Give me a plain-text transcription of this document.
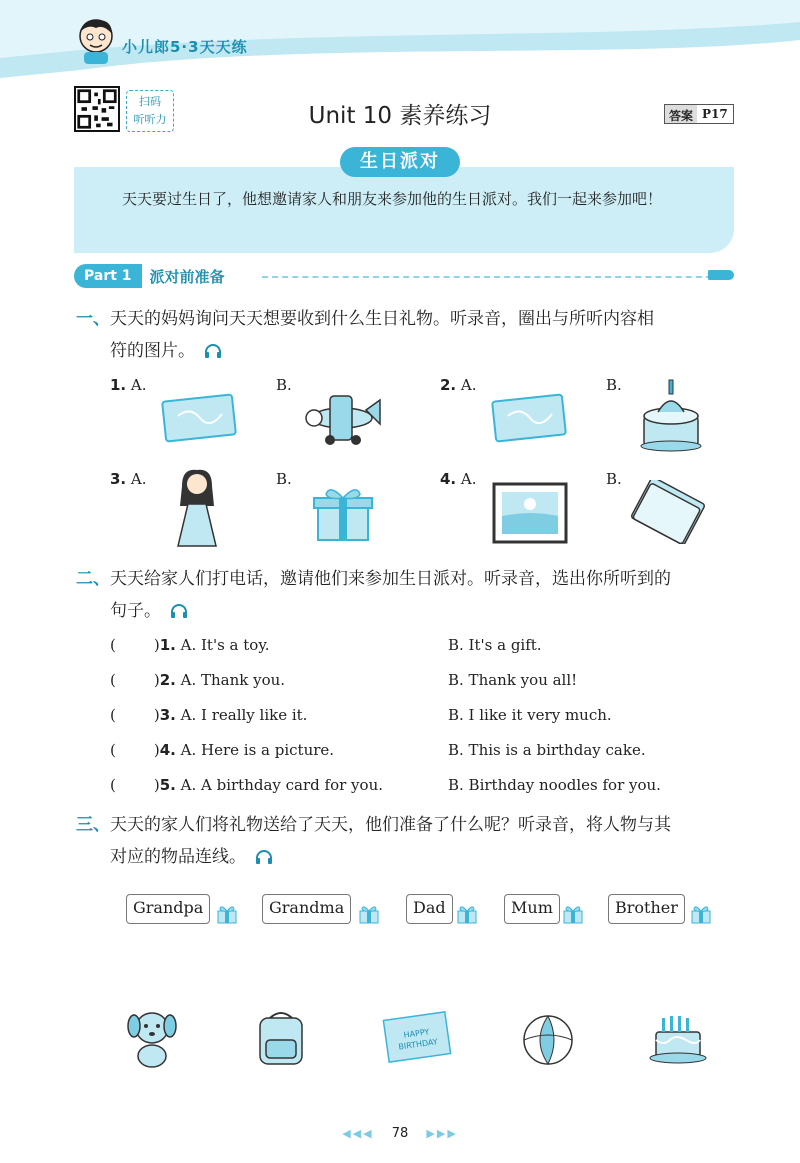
小儿郎5·3天天练
扫码
听听力	Unit 10 素养练习	答案 P17
天天要过生日了，他想邀请家人和朋友来参加他的生日派对。我们一起来参加吧！
生日派对
Part 1	派对前准备
一、天天的妈妈询问天天想要收到什么生日礼物。听录音，圈出与所听内容相
符的图片。
1. A.	B.	2. A.	B.
3. A.	B.	4. A.	B.
二、天天给家人们打电话，邀请他们来参加生日派对。听录音，选出你所听到的
句子。
(	)1. A. It's a toy.	B. It's a gift.
(	)2. A. Thank you.	B. Thank you all!
(	)3. A. I really like it.	B. I like it very much.
(	)4. A. Here is a picture.	B. This is a birthday cake.
(	)5. A. A birthday card for you.	B. Birthday noodles for you.
三、天天的家人们将礼物送给了天天，他们准备了什么呢？听录音，将人物与其
对应的物品连线。
Grandpa	Grandma	Dad	Mum	Brother
HAPPY
BIRTHDAY
◀◀◀ 78 ▶▶▶
